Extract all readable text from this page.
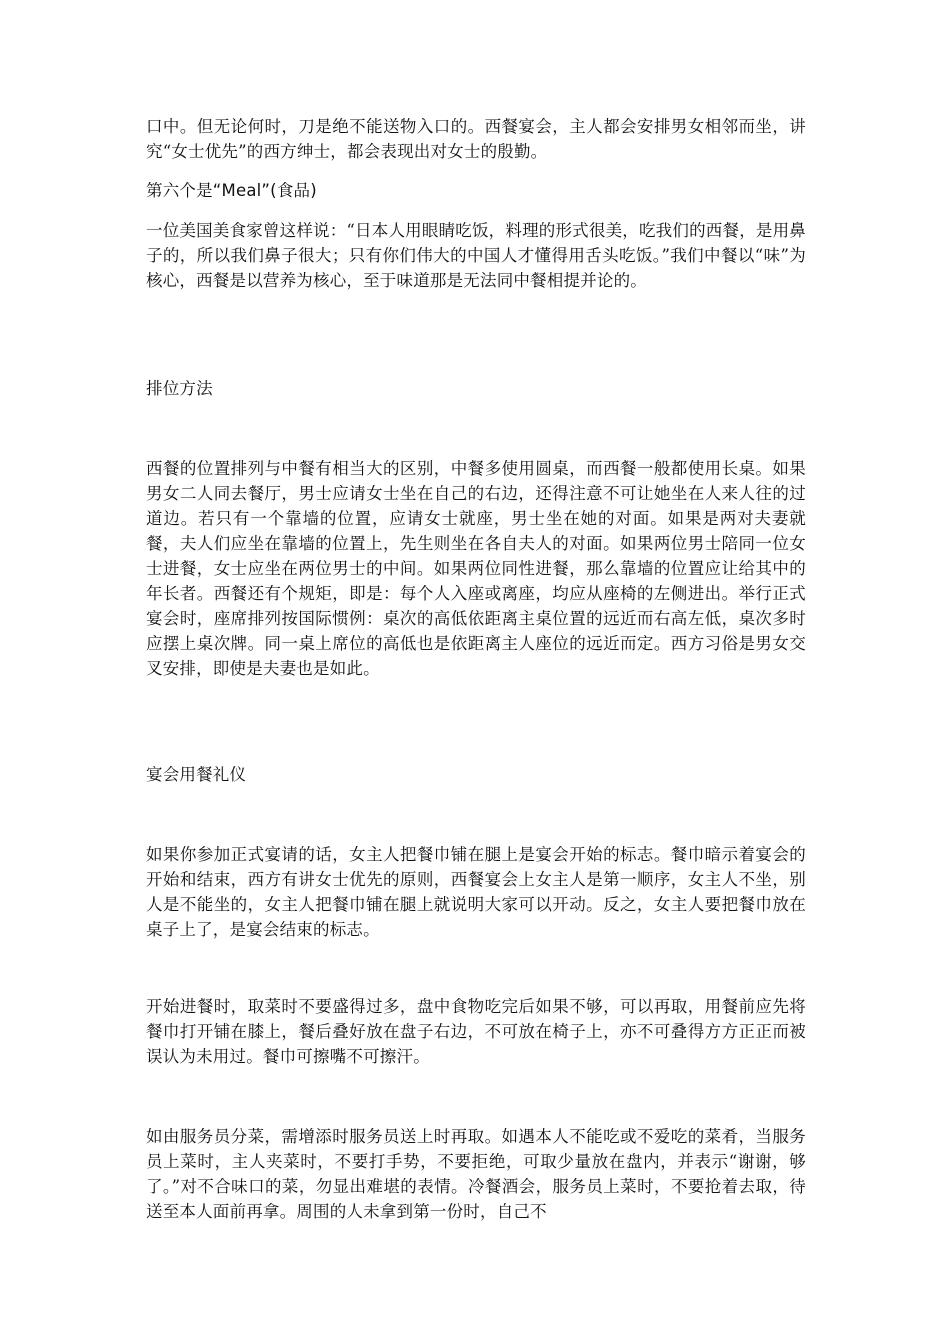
口中。但无论何时，刀是绝不能送物入口的。西餐宴会，主人都会安排男女相邻而坐，讲究“女士优先”的西方绅士，都会表现出对女士的殷勤。

第六个是“Meal”(食品)

一位美国美食家曾这样说：“日本人用眼睛吃饭，料理的形式很美，吃我们的西餐，是用鼻子的，所以我们鼻子很大；只有你们伟大的中国人才懂得用舌头吃饭。”我们中餐以“味”为核心，西餐是以营养为核心，至于味道那是无法同中餐相提并论的。

排位方法

西餐的位置排列与中餐有相当大的区别，中餐多使用圆桌，而西餐一般都使用长桌。如果男女二人同去餐厅，男士应请女士坐在自己的右边，还得注意不可让她坐在人来人往的过道边。若只有一个靠墙的位置，应请女士就座，男士坐在她的对面。如果是两对夫妻就餐，夫人们应坐在靠墙的位置上，先生则坐在各自夫人的对面。如果两位男士陪同一位女士进餐，女士应坐在两位男士的中间。如果两位同性进餐，那么靠墙的位置应让给其中的年长者。西餐还有个规矩，即是：每个人入座或离座，均应从座椅的左侧进出。举行正式宴会时，座席排列按国际惯例：桌次的高低依距离主桌位置的远近而右高左低，桌次多时应摆上桌次牌。同一桌上席位的高低也是依距离主人座位的远近而定。西方习俗是男女交叉安排，即使是夫妻也是如此。

宴会用餐礼仪

如果你参加正式宴请的话，女主人把餐巾铺在腿上是宴会开始的标志。餐巾暗示着宴会的开始和结束，西方有讲女士优先的原则，西餐宴会上女主人是第一顺序，女主人不坐，别人是不能坐的，女主人把餐巾铺在腿上就说明大家可以开动。反之，女主人要把餐巾放在桌子上了，是宴会结束的标志。

开始进餐时，取菜时不要盛得过多，盘中食物吃完后如果不够，可以再取，用餐前应先将餐巾打开铺在膝上，餐后叠好放在盘子右边，不可放在椅子上，亦不可叠得方方正正而被误认为未用过。餐巾可擦嘴不可擦汗。

如由服务员分菜，需增添时服务员送上时再取。如遇本人不能吃或不爱吃的菜肴，当服务员上菜时，主人夹菜时，不要打手势，不要拒绝，可取少量放在盘内，并表示“谢谢，够了。”对不合味口的菜，勿显出难堪的表情。冷餐酒会，服务员上菜时，不要抢着去取，待送至本人面前再拿。周围的人未拿到第一份时，自己不
